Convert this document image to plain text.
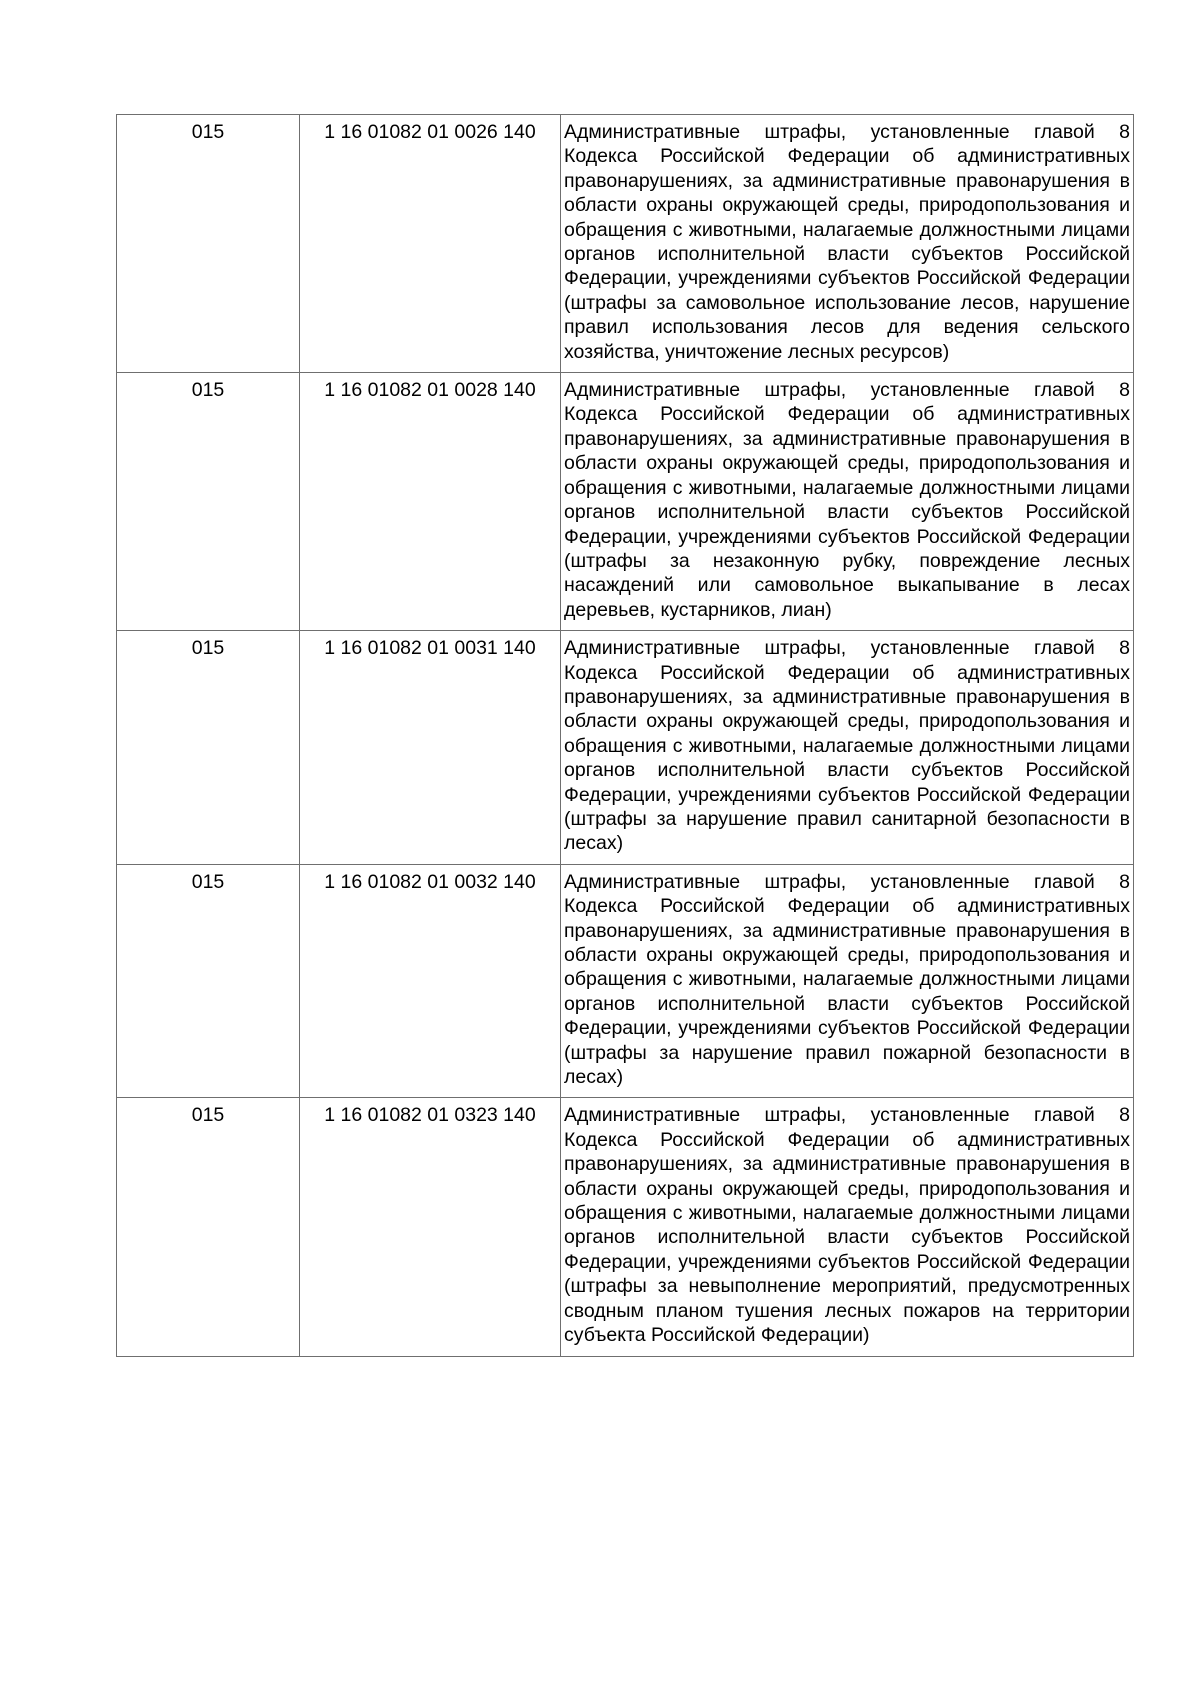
015	1 16 01082 01 0026 140	Административные штрафы, установленные главой 8 Кодекса Российской Федерации об административных правонарушениях, за административные правонарушения в области охраны окружающей среды, природопользования и обращения с животными, налагаемые должностными лицами органов исполнительной власти субъектов Российской Федерации, учреждениями субъектов Российской Федерации (штрафы за самовольное использование лесов, нарушение правил использования лесов для ведения сельского хозяйства, уничтожение лесных ресурсов)
015	1 16 01082 01 0028 140	Административные штрафы, установленные главой 8 Кодекса Российской Федерации об административных правонарушениях, за административные правонарушения в области охраны окружающей среды, природопользования и обращения с животными, налагаемые должностными лицами органов исполнительной власти субъектов Российской Федерации, учреждениями субъектов Российской Федерации (штрафы за незаконную рубку, повреждение лесных насаждений или самовольное выкапывание в лесах деревьев, кустарников, лиан)
015	1 16 01082 01 0031 140	Административные штрафы, установленные главой 8 Кодекса Российской Федерации об административных правонарушениях, за административные правонарушения в области охраны окружающей среды, природопользования и обращения с животными, налагаемые должностными лицами органов исполнительной власти субъектов Российской Федерации, учреждениями субъектов Российской Федерации (штрафы за нарушение правил санитарной безопасности в лесах)
015	1 16 01082 01 0032 140	Административные штрафы, установленные главой 8 Кодекса Российской Федерации об административных правонарушениях, за административные правонарушения в области охраны окружающей среды, природопользования и обращения с животными, налагаемые должностными лицами органов исполнительной власти субъектов Российской Федерации, учреждениями субъектов Российской Федерации (штрафы за нарушение правил пожарной безопасности в лесах)
015	1 16 01082 01 0323 140	Административные штрафы, установленные главой 8 Кодекса Российской Федерации об административных правонарушениях, за административные правонарушения в области охраны окружающей среды, природопользования и обращения с животными, налагаемые должностными лицами органов исполнительной власти субъектов Российской Федерации, учреждениями субъектов Российской Федерации (штрафы за невыполнение мероприятий, предусмотренных сводным планом тушения лесных пожаров на территории субъекта Российской Федерации)
